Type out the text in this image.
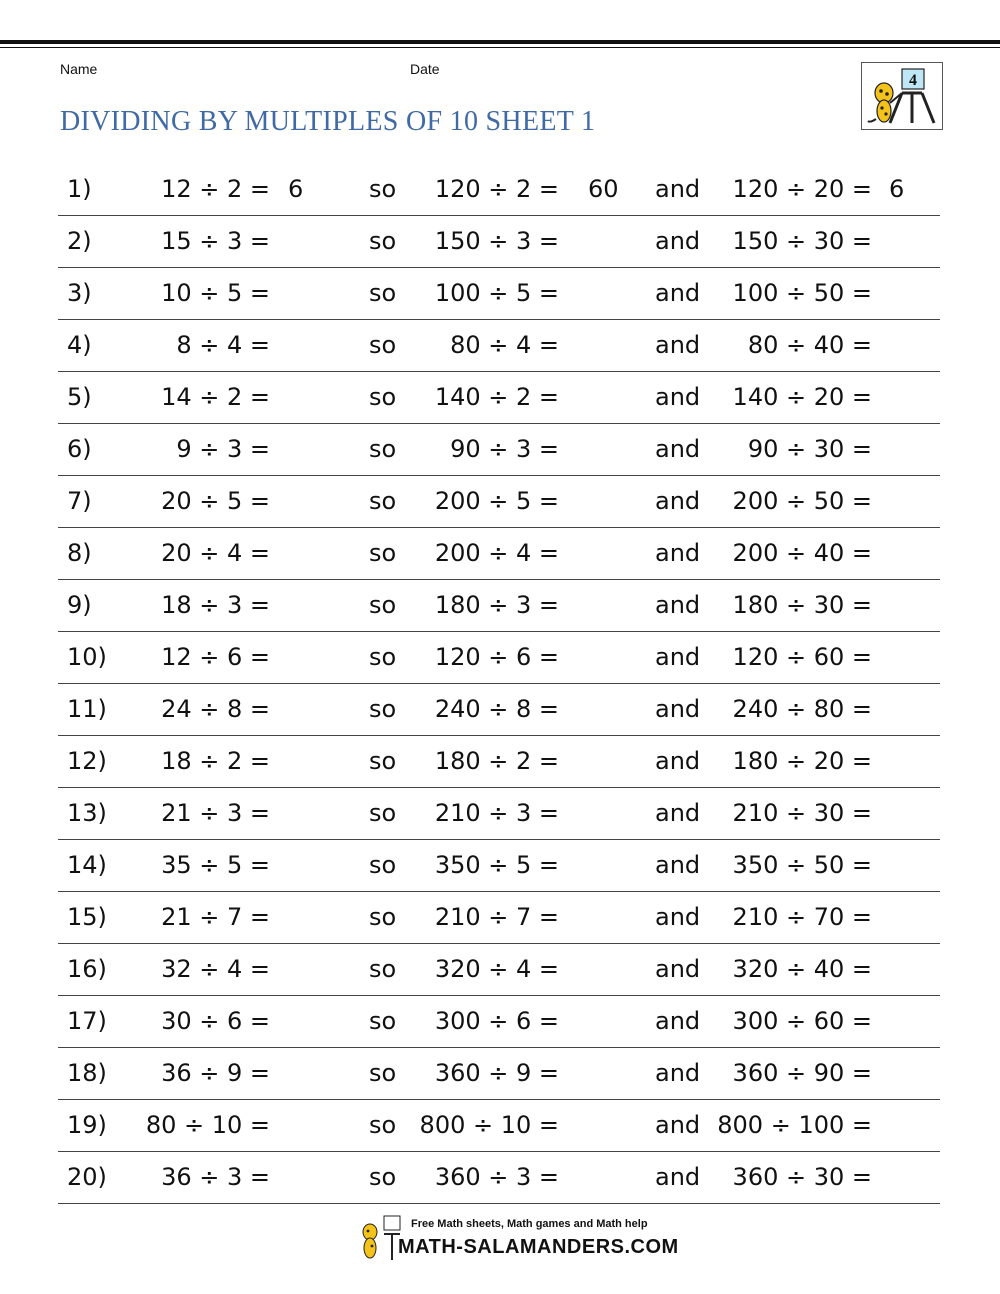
Name	Date
DIVIDING BY MULTIPLES OF 10 SHEET 1
4
1)	12 ÷ 2 = 6	so 120 ÷ 2 = 60 and 120 ÷ 20 = 6
2)	15 ÷ 3 =	so 150 ÷ 3 =	and 150 ÷ 30 =
3)	10 ÷ 5 =	so 100 ÷ 5 =	and 100 ÷ 50 =
4)	8 ÷ 4 =	so 80 ÷ 4 =	and 80 ÷ 40 =
5)	14 ÷ 2 =	so 140 ÷ 2 =	and 140 ÷ 20 =
6)	9 ÷ 3 =	so 90 ÷ 3 =	and 90 ÷ 30 =
7)	20 ÷ 5 =	so 200 ÷ 5 =	and 200 ÷ 50 =
8)	20 ÷ 4 =	so 200 ÷ 4 =	and 200 ÷ 40 =
9)	18 ÷ 3 =	so 180 ÷ 3 =	and 180 ÷ 30 =
10) 12 ÷ 6 =	so 120 ÷ 6 =	and 120 ÷ 60 =
11) 24 ÷ 8 =	so 240 ÷ 8 =	and 240 ÷ 80 =
12) 18 ÷ 2 =	so 180 ÷ 2 =	and 180 ÷ 20 =
13) 21 ÷ 3 =	so 210 ÷ 3 =	and 210 ÷ 30 =
14) 35 ÷ 5 =	so 350 ÷ 5 =	and 350 ÷ 50 =
15) 21 ÷ 7 =	so 210 ÷ 7 =	and 210 ÷ 70 =
16) 32 ÷ 4 =	so 320 ÷ 4 =	and 320 ÷ 40 =
17) 30 ÷ 6 =	so 300 ÷ 6 =	and 300 ÷ 60 =
18) 36 ÷ 9 =	so 360 ÷ 9 =	and 360 ÷ 90 =
19) 80 ÷ 10 =	so 800 ÷ 10 =	and 800 ÷ 100 =
20) 36 ÷ 3 =	so 360 ÷ 3 =	and 360 ÷ 30 =
Free Math sheets, Math games and Math help
MATH-SALAMANDERS.COM
